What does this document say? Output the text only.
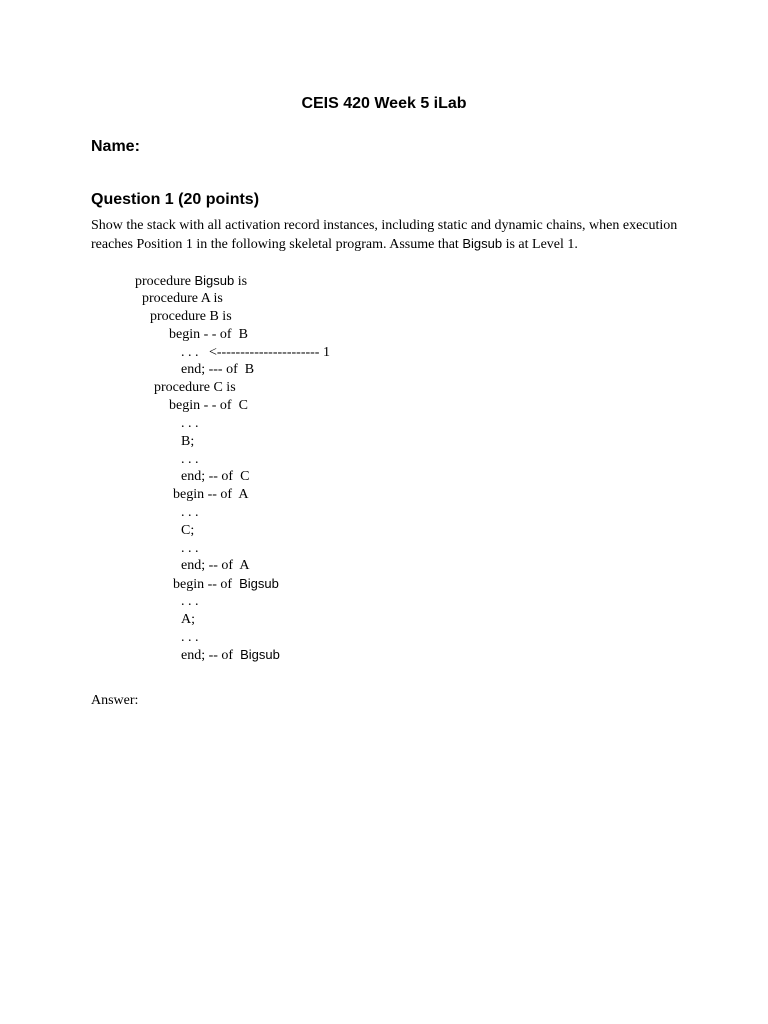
CEIS 420 Week 5 iLab
Name:
Question 1 (20 points)
Show the stack with all activation record instances, including static and dynamic chains, when execution reaches Position 1 in the following skeletal program. Assume that Bigsub is at Level 1.
procedure Bigsub is
procedure A is
procedure B is
begin - - of  B
. . .   <---------------------- 1
end; --- of  B
procedure C is
begin - - of  C
. . .
B;
. . .
end; -- of  C
begin -- of  A
. . .
C;
. . .
end; -- of  A
begin -- of  Bigsub
. . .
A;
. . .
end; -- of  Bigsub
Answer:
